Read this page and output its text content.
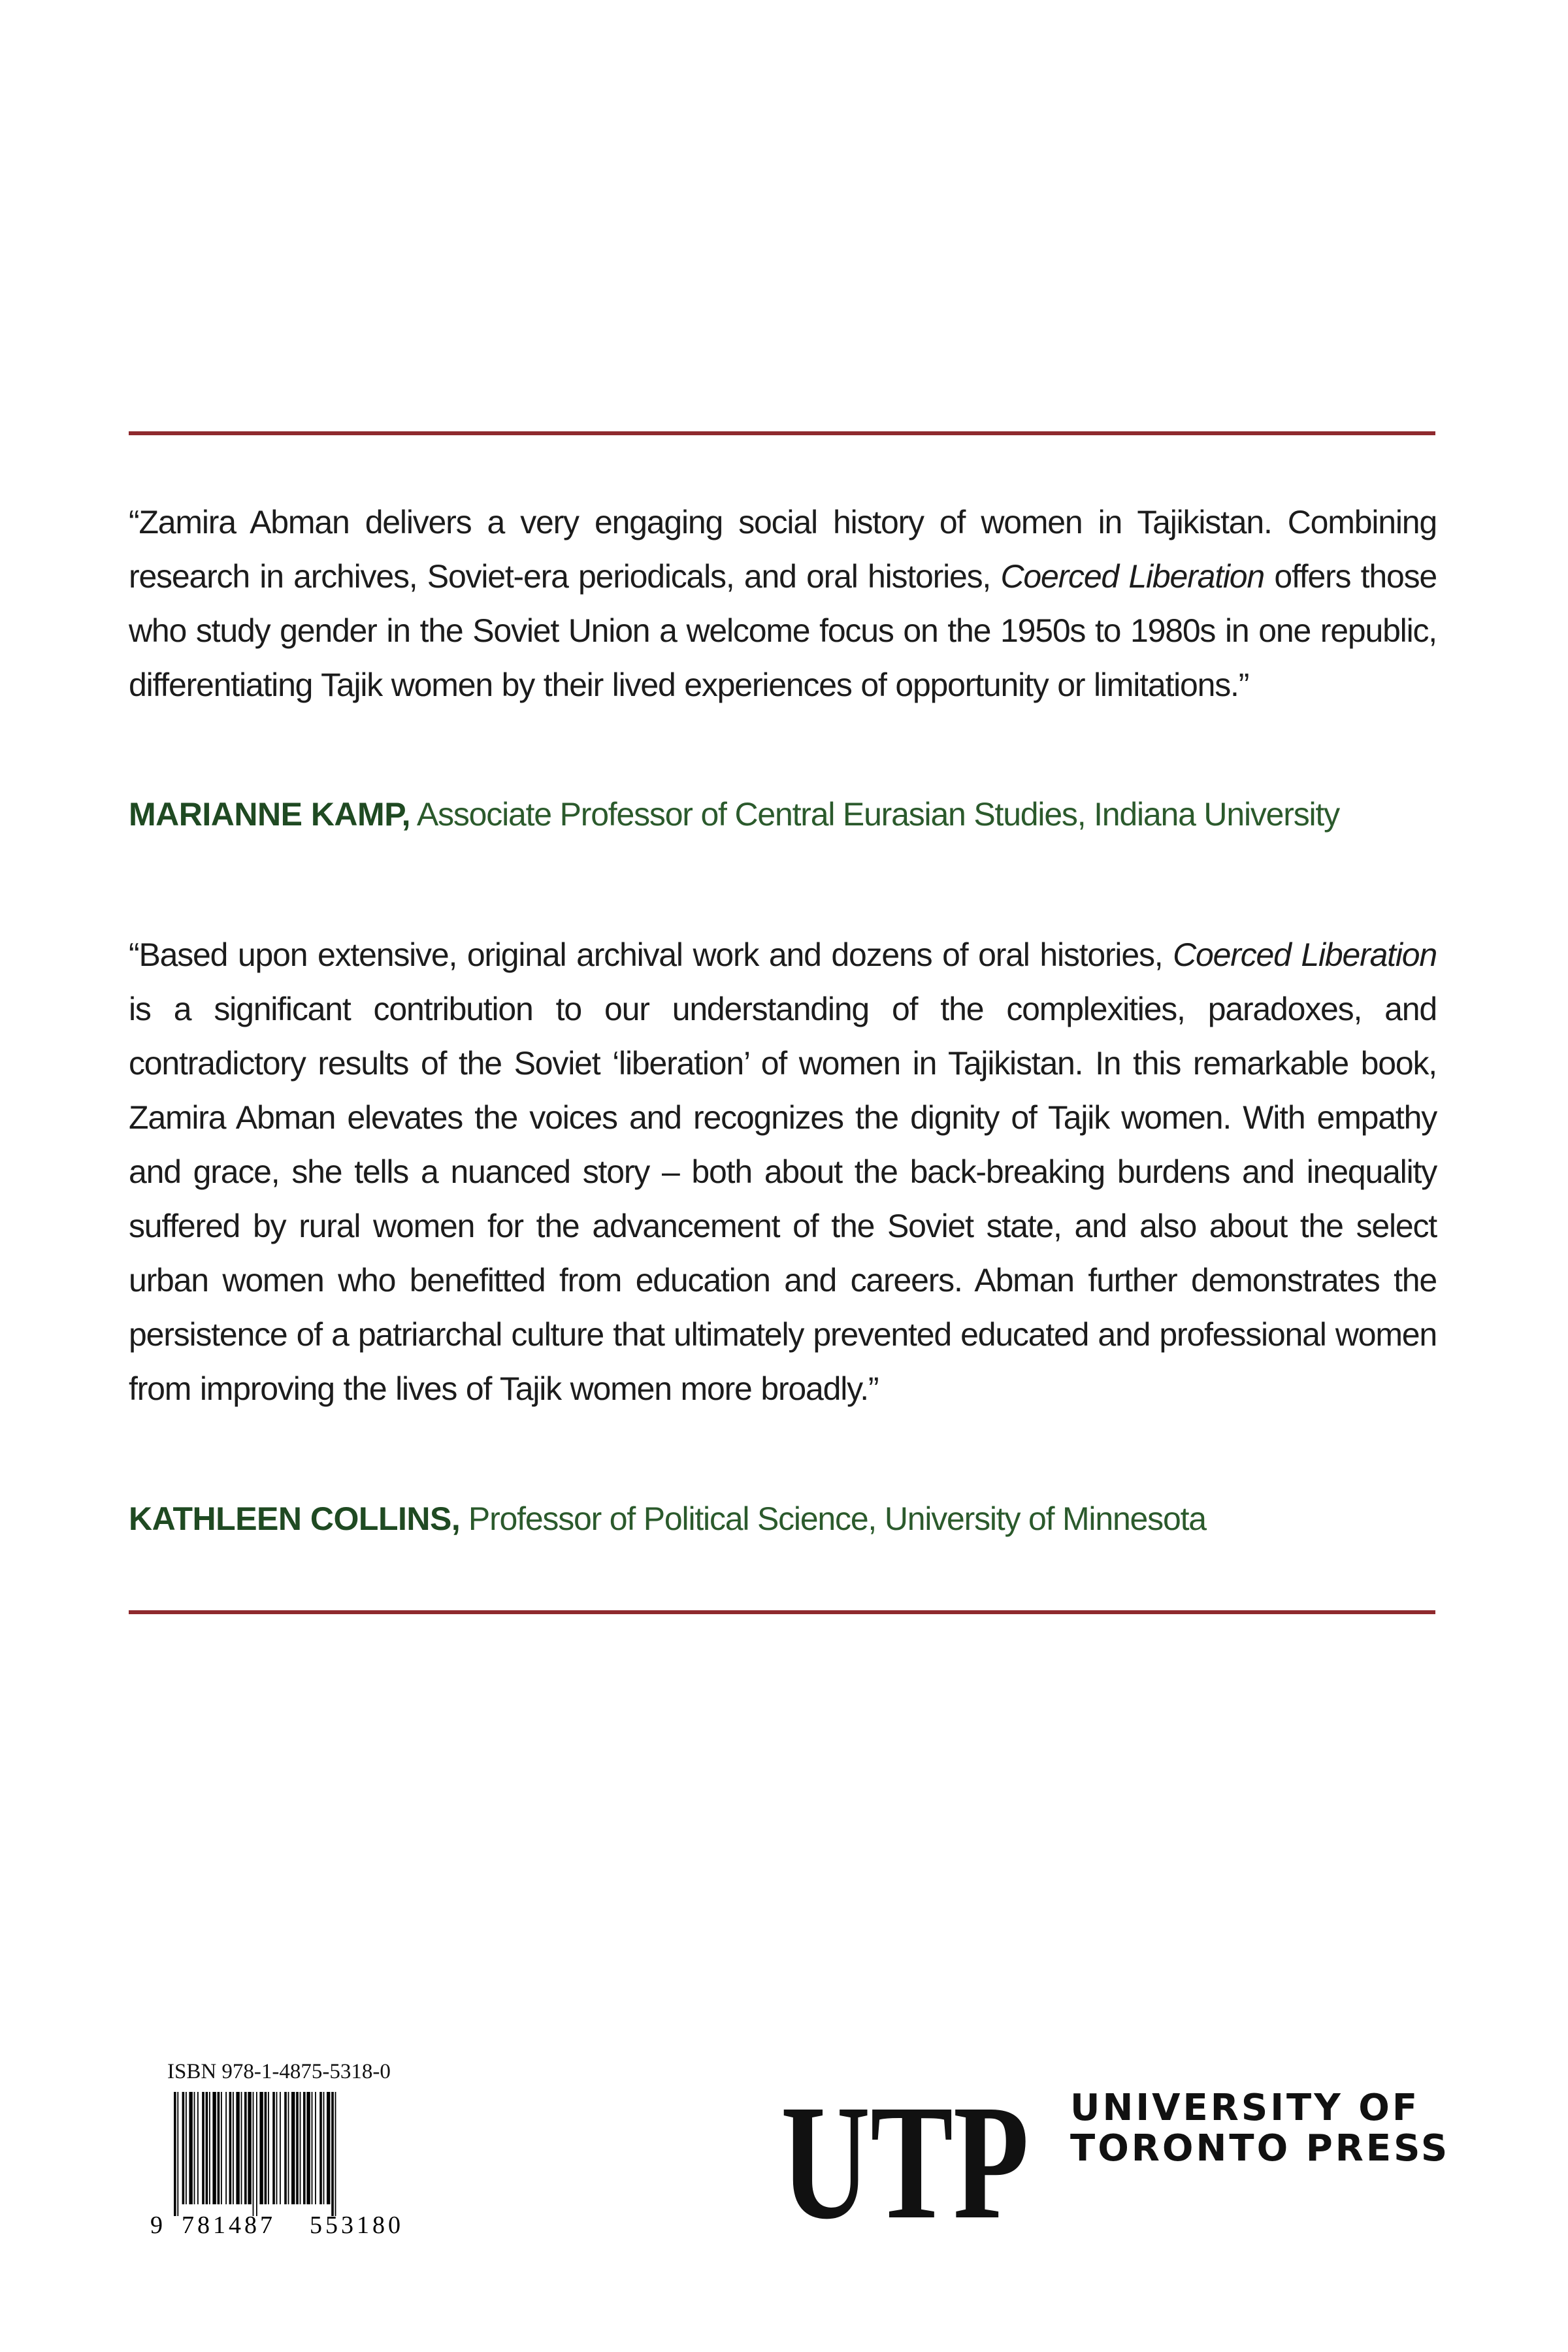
“Zamira Abman delivers a very engaging social history of women in Tajikistan. Combining research in archives, Soviet-era periodicals, and oral histories, Coerced Liberation offers those who study gender in the Soviet Union a welcome focus on the 1950s to 1980s in one republic, differentiating Tajik women by their lived experiences of opportunity or limitations.”

MARIANNE KAMP, Associate Professor of Central Eurasian Studies, Indiana University

“Based upon extensive, original archival work and dozens of oral histories, Coerced Liberation is a significant contribution to our understanding of the complexities, paradoxes, and contradictory results of the Soviet ‘liberation’ of women in Tajikistan. In this remarkable book, Zamira Abman elevates the voices and recognizes the dignity of Tajik women. With empathy and grace, she tells a nuanced story – both about the back-breaking burdens and inequality suffered by rural women for the advancement of the Soviet state, and also about the select urban women who benefitted from education and careers. Abman further demonstrates the persistence of a patriarchal culture that ultimately prevented educated and professional women from improving the lives of Tajik women more broadly.”

KATHLEEN COLLINS, Professor of Political Science, University of Minnesota
ISBN 978-1-4875-5318-0
9 781487 553180 UTP UNIVERSITY OF
TORONTO PRESS
